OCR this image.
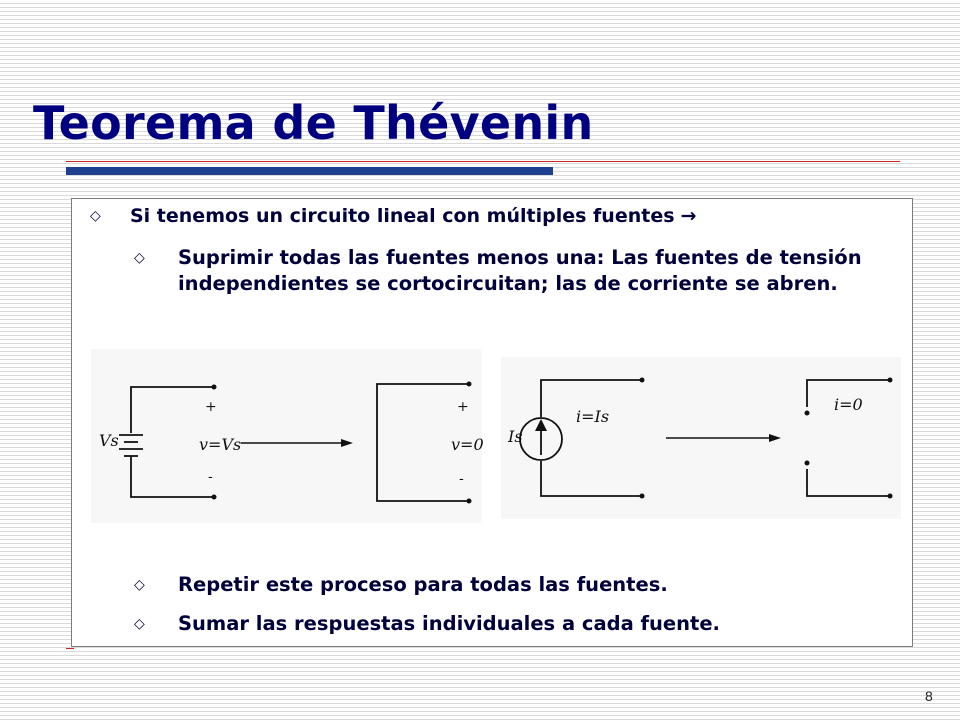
Teorema de Thévenin
◇	Si tenemos un circuito lineal con múltiples fuentes →
◇	Suprimir todas las fuentes menos una: Las fuentes de tensión independientes se cortocircuitan; las de corriente se abren.
Vs
+
v=Vs
-
+
v=0
-
Is
i=Is
i=0
◇	Repetir este proceso para todas las fuentes.
◇	Sumar las respuestas individuales a cada fuente.
8
